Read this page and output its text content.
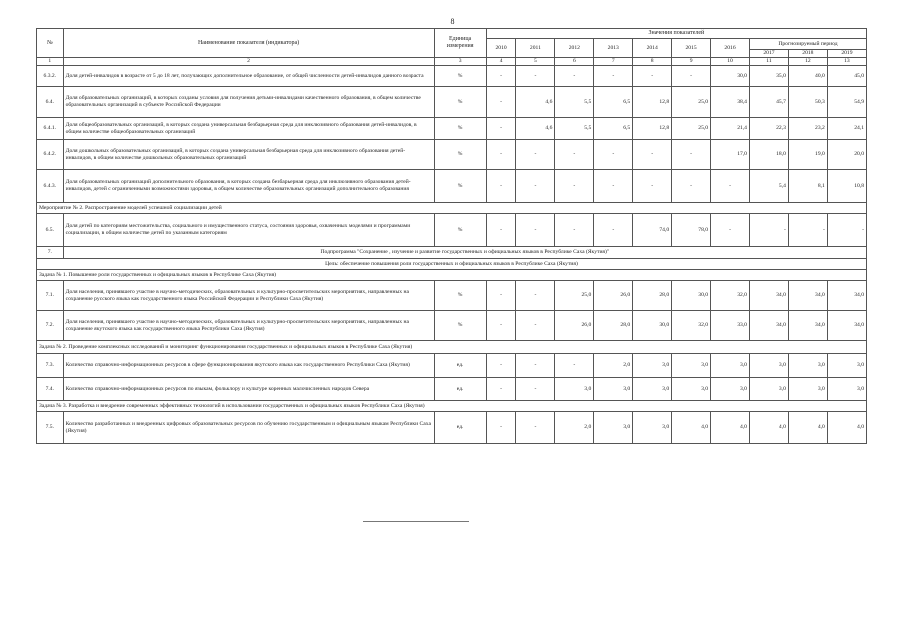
8
№	Наименование показателя (индикатора)	Единица измерения	Значения показателей									
			2010	2011	2012	2013	2014	2015	2016	Прогнозируемый период		
										2017	2018	2019
1	2	3	4	5	6	7	8	9	10	11	12	13
6.3.2.	Доля детей-инвалидов в возрасте от 5 до 18 лет, получающих дополнительное образование, от общей численности детей-инвалидов данного возраста	%	-	-	-	-	-	-	30,0	35,0	40,0	45,0
6.4.	Доля образовательных организаций, в которых созданы условия для получения детьми-инвалидами качественного образования, в общем количестве образовательных организаций в субъекте Российской Федерации	%	-	4,6	5,5	6,5	12,8	25,0	38,4	45,7	50,3	54,9
6.4.1.	Доля общеобразовательных организаций, в которых создана универсальная безбарьерная среда для инклюзивного образования детей-инвалидов, в общем количестве общеобразовательных организаций	%	-	4,6	5,5	6,5	12,8	25,0	21,4	22,3	23,2	24,1
6.4.2.	Доля дошкольных образовательных организаций, в которых создана универсальная безбарьерная среда для инклюзивного образования детей-инвалидов, в общем количестве дошкольных образовательных организаций	%	-	-	-	-	-	-	17,0	18,0	19,0	20,0
6.4.3.	Доля образовательных организаций дополнительного образования, в которых создана безбарьерная среда для инклюзивного образования детей-инвалидов, детей с ограниченными возможностями здоровья, в общем количестве образовательных организаций дополнительного образования	%	-	-	-	-	-	-	-	5,4	8,1	10,8
Мероприятие № 2. Распространение моделей успешной социализации детей												
6.5.	Доля детей по категориям местожительства, социального и имущественного статуса, состояния здоровья, охваченных моделями и программами социализации, в общем количестве детей по указанным категориям	%	-	-	-	-	74,0	78,0	-	-	-	-
7.	Подпрограмма "Сохранение , изучение и развитие государственных и официальных языков в Республике Саха (Якутия)"											
Цель: обеспечение повышения роли государственных и официальных языков в Республике Саха (Якутия)												
Задача № 1. Повышение роли государственных и официальных языков в Республике Саха (Якутия)												
7.1.	Доля населения, принявшего участие в научно-методических, образовательных и культурно-просветительских мероприятиях, направленных на сохранение русского языка как государственного языка Российской Федерации и Республики Саха (Якутия)	%	-	-	25,0	26,0	28,0	30,0	32,0	34,0	34,0	34,0
7.2.	Доля населения, принявшего участие в научно-методических, образовательных и культурно-просветительских мероприятиях, направленных на сохранение якутского языка как государственного языка Республики Саха (Якутия)	%	-	-	26,0	28,0	30,0	32,0	33,0	34,0	34,0	34,0
Задача № 2. Проведение комплексных исследований и мониторинг функционирования государственных и официальных языков в Республике Саха (Якутия)												
7.3.	Количество справочно-информационных ресурсов в сфере функционирования якутского языка как государственного Республики Саха (Якутия)	ед.	-	-	-	2,0	3,0	3,0	3,0	3,0	3,0	3,0
7.4.	Количество справочно-информационных ресурсов по языкам, фольклору и культуре коренных малочисленных народов Севера	ед.	-	-	3,0	3,0	3,0	3,0	3,0	3,0	3,0	3,0
Задача № 3. Разработка и внедрение современных эффективных технологий в использовании государственных и официальных языков Республики Саха (Якутия)												
7.5.	Количество разработанных и внедренных цифровых образовательных ресурсов по обучению государственным и официальным языкам Республики Саха (Якутия)	ед.	-	-	2,0	3,0	3,0	4,0	4,0	4,0	4,0	4,0
